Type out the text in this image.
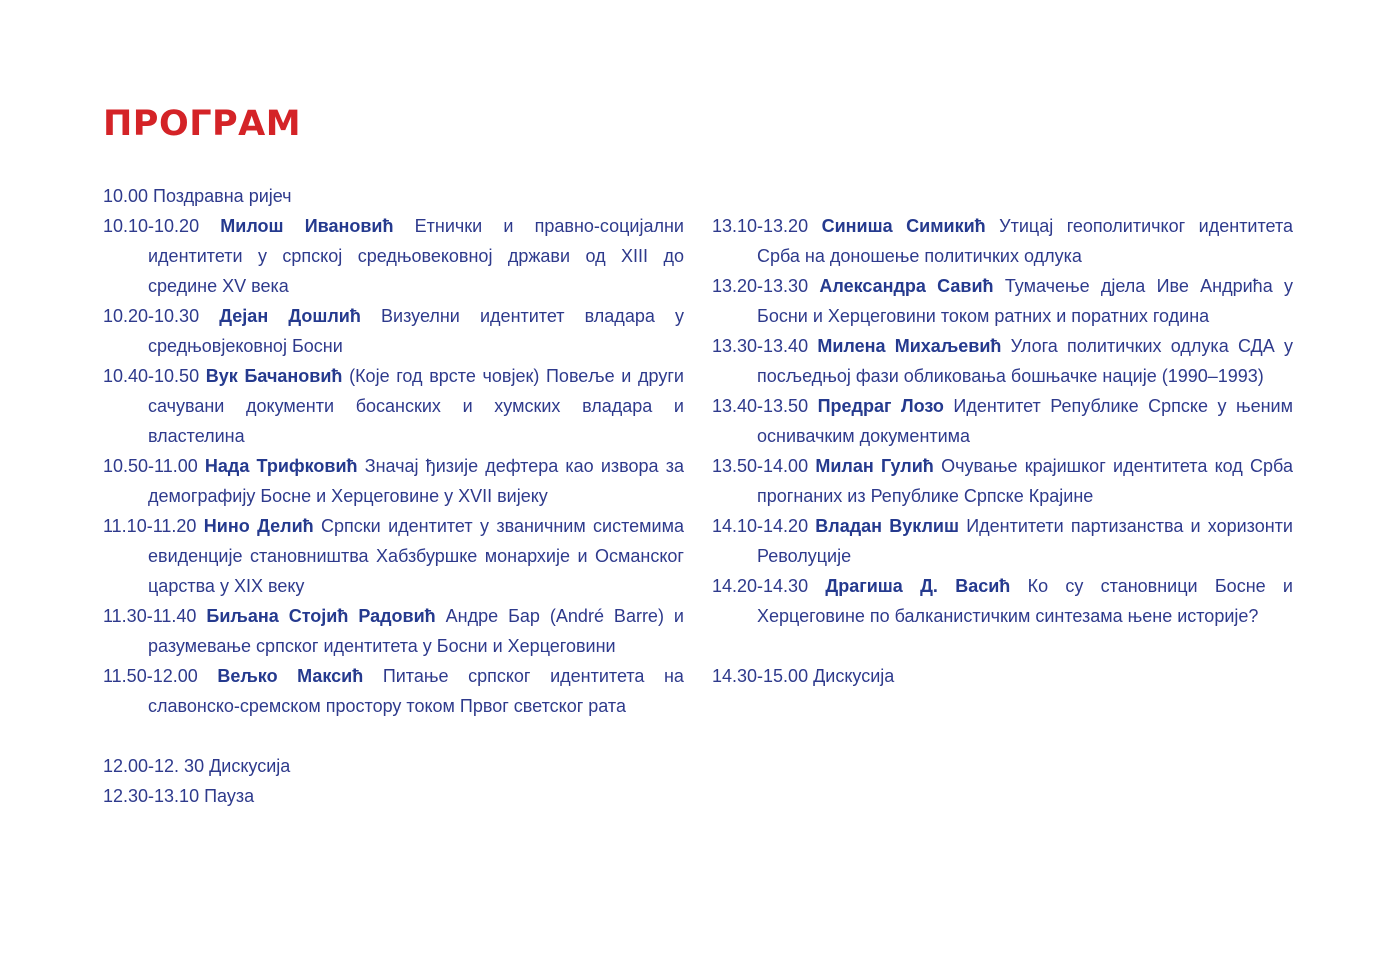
ПРОГРАМ

10.00 Поздравна ријеч

10.10-10.20 Милош Ивановић Етнички и правно-социјални идентитети у српској средњовековној држави од XIII до средине XV века

10.20-10.30 Дејан Дошлић Визуелни идентитет владара у средњовјековној Босни

10.40-10.50 Вук Бачановић (Које год врсте човјек) Повеље и други сачувани документи босанских и хумских владара и властелина

10.50-11.00 Нада Трифковић Значај ђизије дефтера као извора за демографију Босне и Херцеговине у XVII вијеку

11.10-11.20 Нино Делић Српски идентитет у званичним системима евиденције становништва Хабзбуршке монархије и Османског царства у XIX веку

11.30-11.40 Биљана Стојић Радовић Андре Бар (André Barre) и разумевање српског идентитета у Босни и Херцеговини

11.50-12.00 Вељко Максић Питање српског идентитета на славонско-сремском простору током Првог светског рата

12.00-12. 30 Дискусија

12.30-13.10 Пауза

13.10-13.20 Синиша Симикић Утицај геополитичког идентитета Срба на доношење политичких одлука

13.20-13.30 Александра Савић Тумачење дјела Иве Андрића у Босни и Херцеговини током ратних и поратних година

13.30-13.40 Милена Михаљевић Улога политичких одлука СДА у посљедњој фази обликовања бошњачке нације (1990–1993)

13.40-13.50 Предраг Лозо Идентитет Републике Српске у њеним оснивачким документима

13.50-14.00 Милан Гулић Очување крајишког идентитета код Срба прогнаних из Републике Српске Крајине

14.10-14.20 Владан Вуклиш Идентитети партизанства и хоризонти Револуције

14.20-14.30 Драгиша Д. Васић Ко су становници Босне и Херцеговине по балканистичким синтезама њене историје?

14.30-15.00 Дискусија
